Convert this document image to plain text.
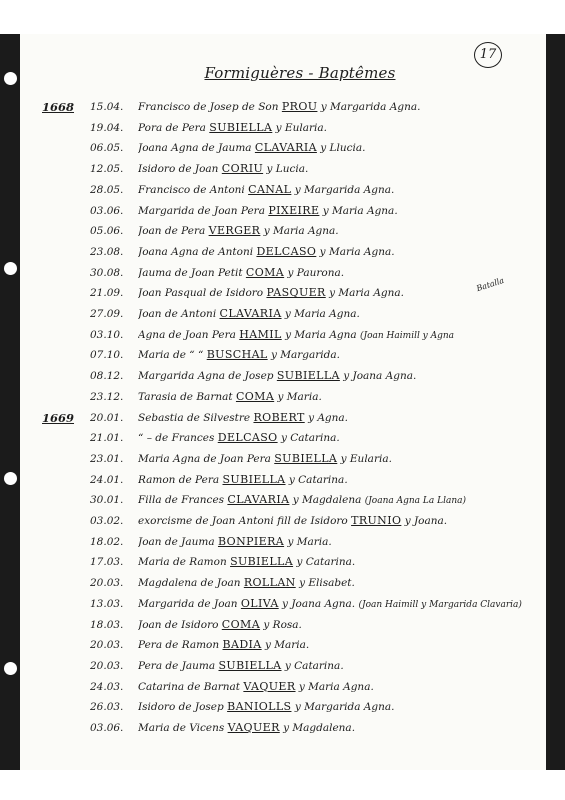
17
Formiguères - Baptêmes
Batalla
1668	15.04.	Francisco de Josep de Son PROU y Margarida Agna.
19.04.	Pora de Pera SUBIELLA y Eularia.
06.05.	Joana Agna de Jauma CLAVARIA y Llucia.
12.05.	Isidoro de Joan CORIU y Lucia.
28.05.	Francisco de Antoni CANAL y Margarida Agna.
03.06.	Margarida de Joan Pera PIXEIRE y Maria Agna.
05.06.	Joan de Pera VERGER y Maria Agna.
23.08.	Joana Agna de Antoni DELCASO y Maria Agna.
30.08.	Jauma de Joan Petit COMA y Paurona.
21.09.	Joan Pasqual de Isidoro PASQUER y Maria Agna.
27.09.	Joan de Antoni CLAVARIA y Maria Agna.
03.10.	Agna de Joan Pera HAMIL y Maria Agna (Joan Haimill y Agna
07.10.	Maria de “ “ BUSCHAL y Margarida.
08.12.	Margarida Agna de Josep SUBIELLA y Joana Agna.
23.12.	Tarasia de Barnat COMA y Maria.
1669	20.01.	Sebastia de Silvestre ROBERT y Agna.
21.01.	“ – de Frances DELCASO y Catarina.
23.01.	Maria Agna de Joan Pera SUBIELLA y Eularia.
24.01.	Ramon de Pera SUBIELLA y Catarina.
30.01.	Filla de Frances CLAVARIA y Magdalena (Joana Agna La Llana)
03.02.	exorcisme de Joan Antoni fill de Isidoro TRUNIO y Joana.
18.02.	Joan de Jauma BONPIERA y Maria.
17.03.	Maria de Ramon SUBIELLA y Catarina.
20.03.	Magdalena de Joan ROLLAN y Elisabet.
13.03.	Margarida de Joan OLIVA y Joana Agna. (Joan Haimill y Margarida Clavaria)
18.03.	Joan de Isidoro COMA y Rosa.
20.03.	Pera de Ramon BADIA y Maria.
20.03.	Pera de Jauma SUBIELLA y Catarina.
24.03.	Catarina de Barnat VAQUER y Maria Agna.
26.03.	Isidoro de Josep BANIOLLS y Margarida Agna.
03.06.	Maria de Vicens VAQUER y Magdalena.
